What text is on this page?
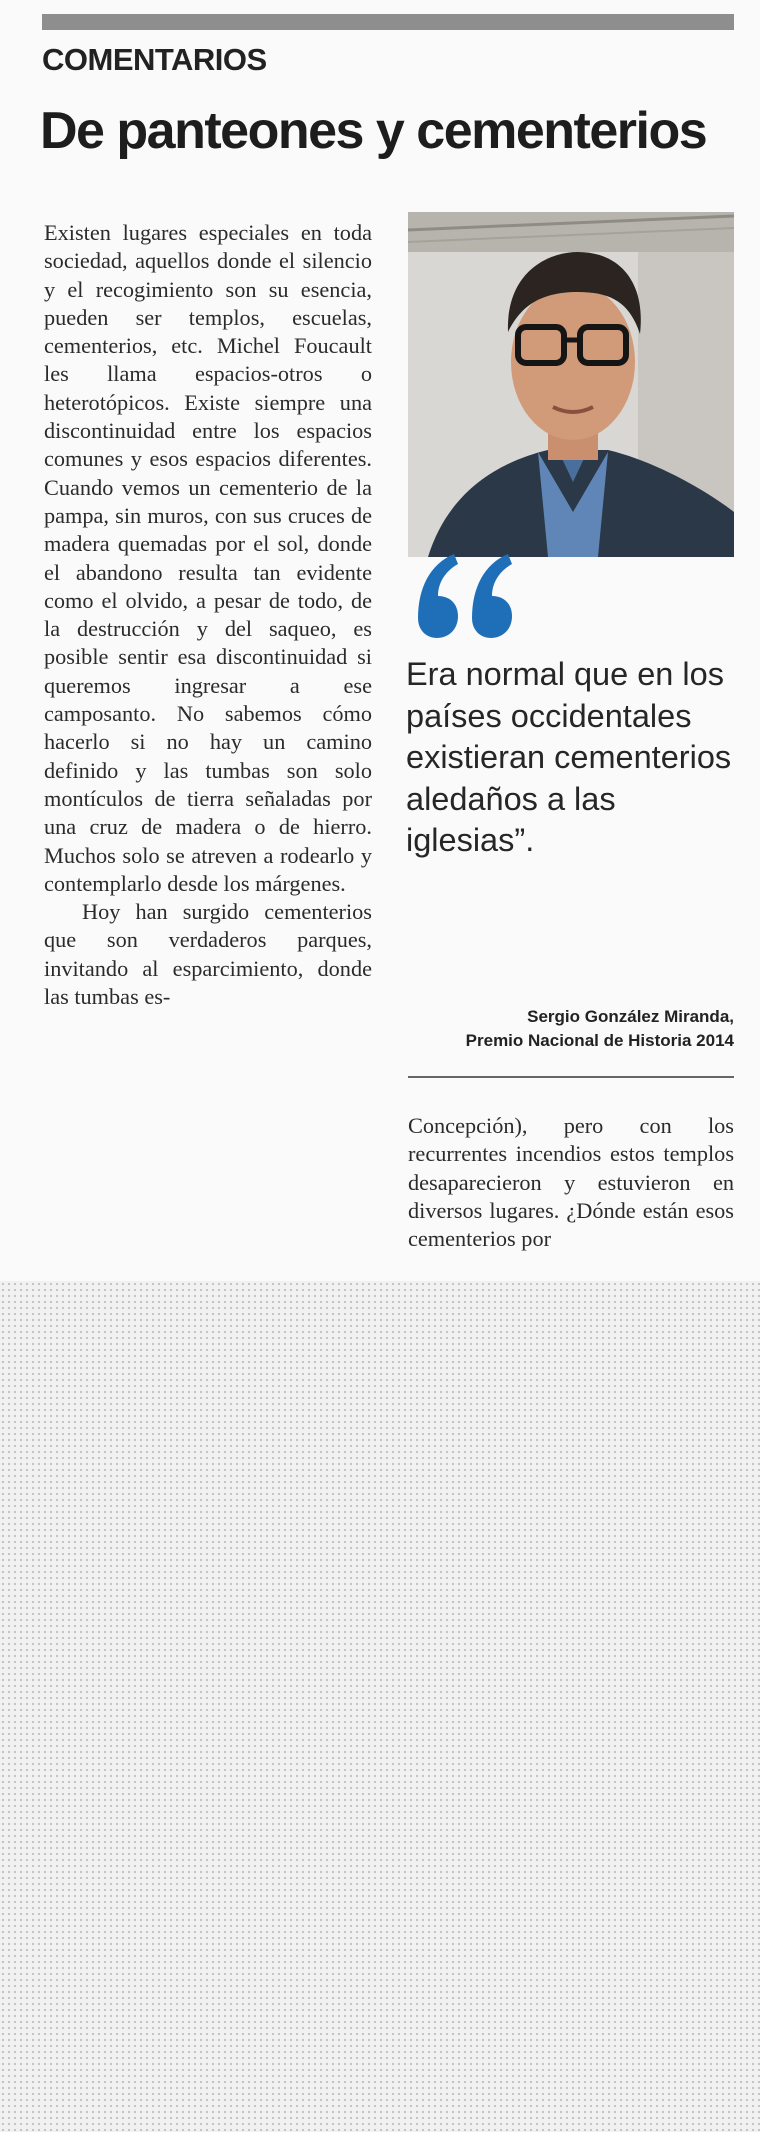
COMENTARIOS
De panteones y cementerios

Existen lugares especiales en toda sociedad, aquellos donde el silencio y el recogimiento son su esencia, pueden ser templos, escuelas, cementerios, etc. Michel Foucault les llama espacios-otros o heterotópicos. Existe siempre una discontinuidad entre los espacios comunes y esos espacios diferentes. Cuando vemos un cementerio de la pampa, sin muros, con sus cruces de madera quemadas por el sol, donde el abandono resulta tan evidente como el olvido, a pesar de todo, de la destrucción y del saqueo, es posible sentir esa discontinuidad si queremos ingresar a ese camposanto. No sabemos cómo hacerlo si no hay un camino definido y las tumbas son solo montículos de tierra señaladas por una cruz de madera o de hierro. Muchos solo se atreven a rodearlo y contemplarlo desde los márgenes.

Hoy han surgido cementerios que son verdaderos parques, invitando al esparcimiento, donde las tumbas es-

Era normal que en los países occidentales existieran cementerios aledaños a las iglesias”.
Sergio González Miranda,
Premio Nacional de Historia 2014

Concepción), pero con los recurrentes incendios estos templos desaparecieron y estuvieron en diversos lugares. ¿Dónde están esos cementerios por
